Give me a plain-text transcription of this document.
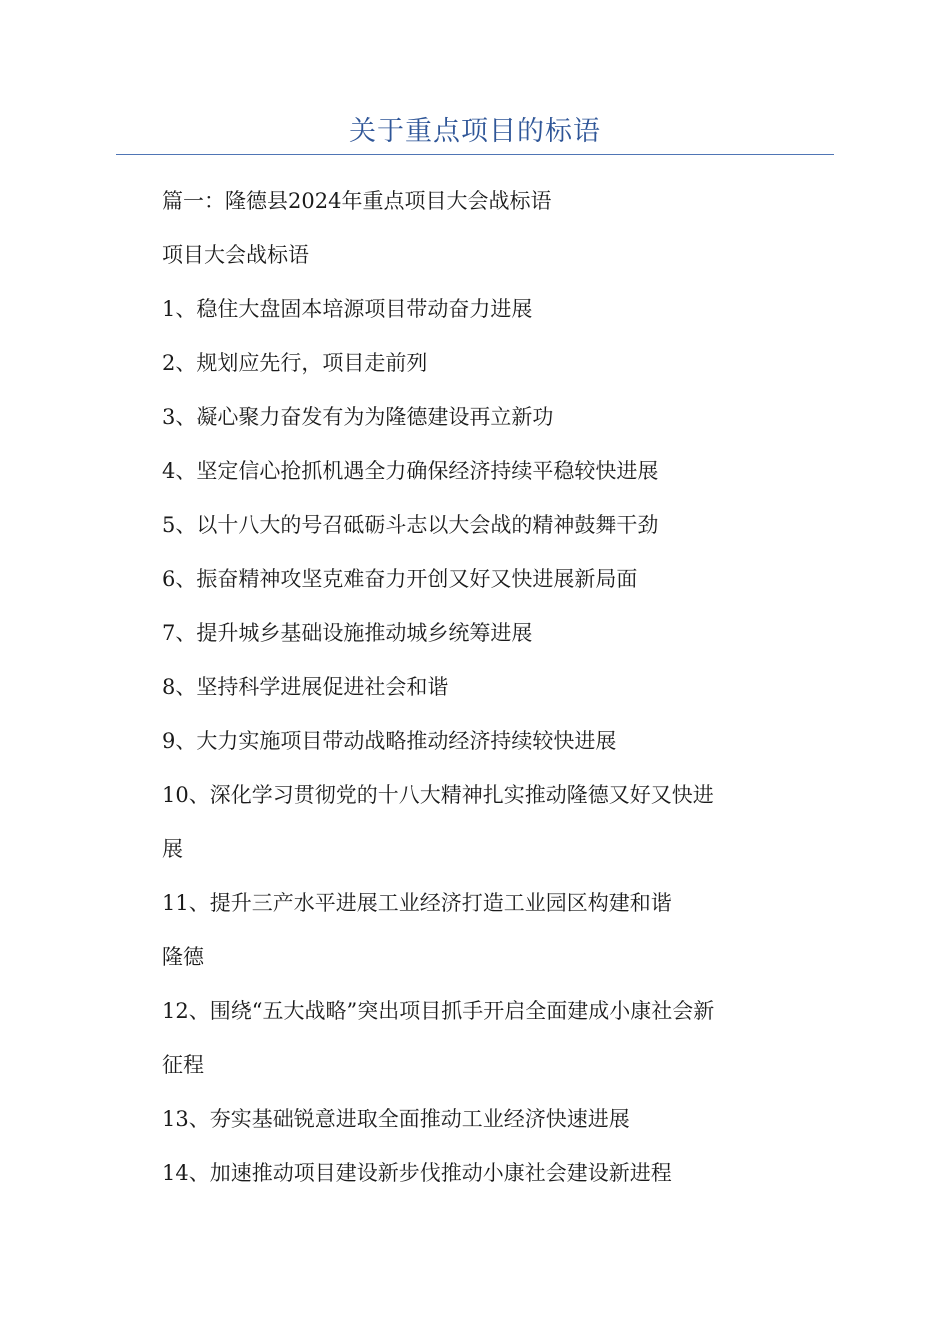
关于重点项目的标语

篇一：隆德县2024年重点项目大会战标语

项目大会战标语

1、稳住大盘固本培源项目带动奋力进展

2、规划应先行，项目走前列

3、凝心聚力奋发有为为隆德建设再立新功

4、坚定信心抢抓机遇全力确保经济持续平稳较快进展

5、以十八大的号召砥砺斗志以大会战的精神鼓舞干劲

6、振奋精神攻坚克难奋力开创又好又快进展新局面

7、提升城乡基础设施推动城乡统筹进展

8、坚持科学进展促进社会和谐

9、大力实施项目带动战略推动经济持续较快进展

10、深化学习贯彻党的十八大精神扎实推动隆德又好又快进展

11、提升三产水平进展工业经济打造工业园区构建和谐隆德

12、围绕“五大战略”突出项目抓手开启全面建成小康社会新征程

13、夯实基础锐意进取全面推动工业经济快速进展

14、加速推动项目建设新步伐推动小康社会建设新进程
